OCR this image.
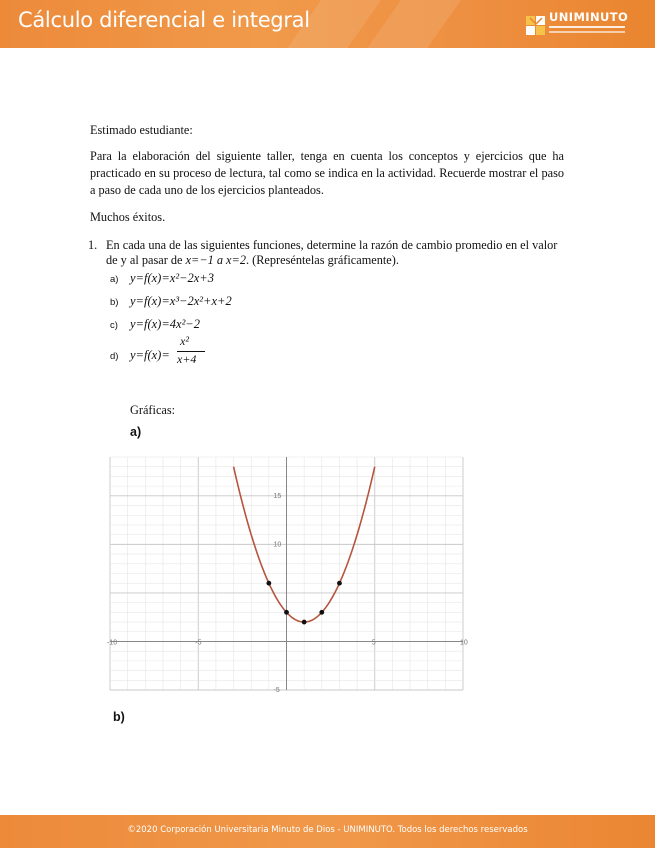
Cálculo diferencial e integral	UNIMINUTO
Estimado estudiante:
Para la elaboración del siguiente taller, tenga en cuenta los conceptos y ejercicios que ha practicado en su proceso de lectura, tal como se indica en la actividad. Recuerde mostrar el paso a paso de cada uno de los ejercicios planteados.
Muchos éxitos.
1. En cada una de las siguientes funciones, determine la razón de cambio promedio en el valor de y al pasar de x=−1 a x=2. (Represéntelas gráficamente).
a) y=f(x)=x²−2x+3
b) y=f(x)=x³−2x²+x+2
c) y=f(x)=4x²−2
d) y=f(x)=
x²
x+4
Gráficas:
a)
-10	-5	5	10
15
10
-5
b)
©2020 Corporación Universitaria Minuto de Dios - UNIMINUTO. Todos los derechos reservados
